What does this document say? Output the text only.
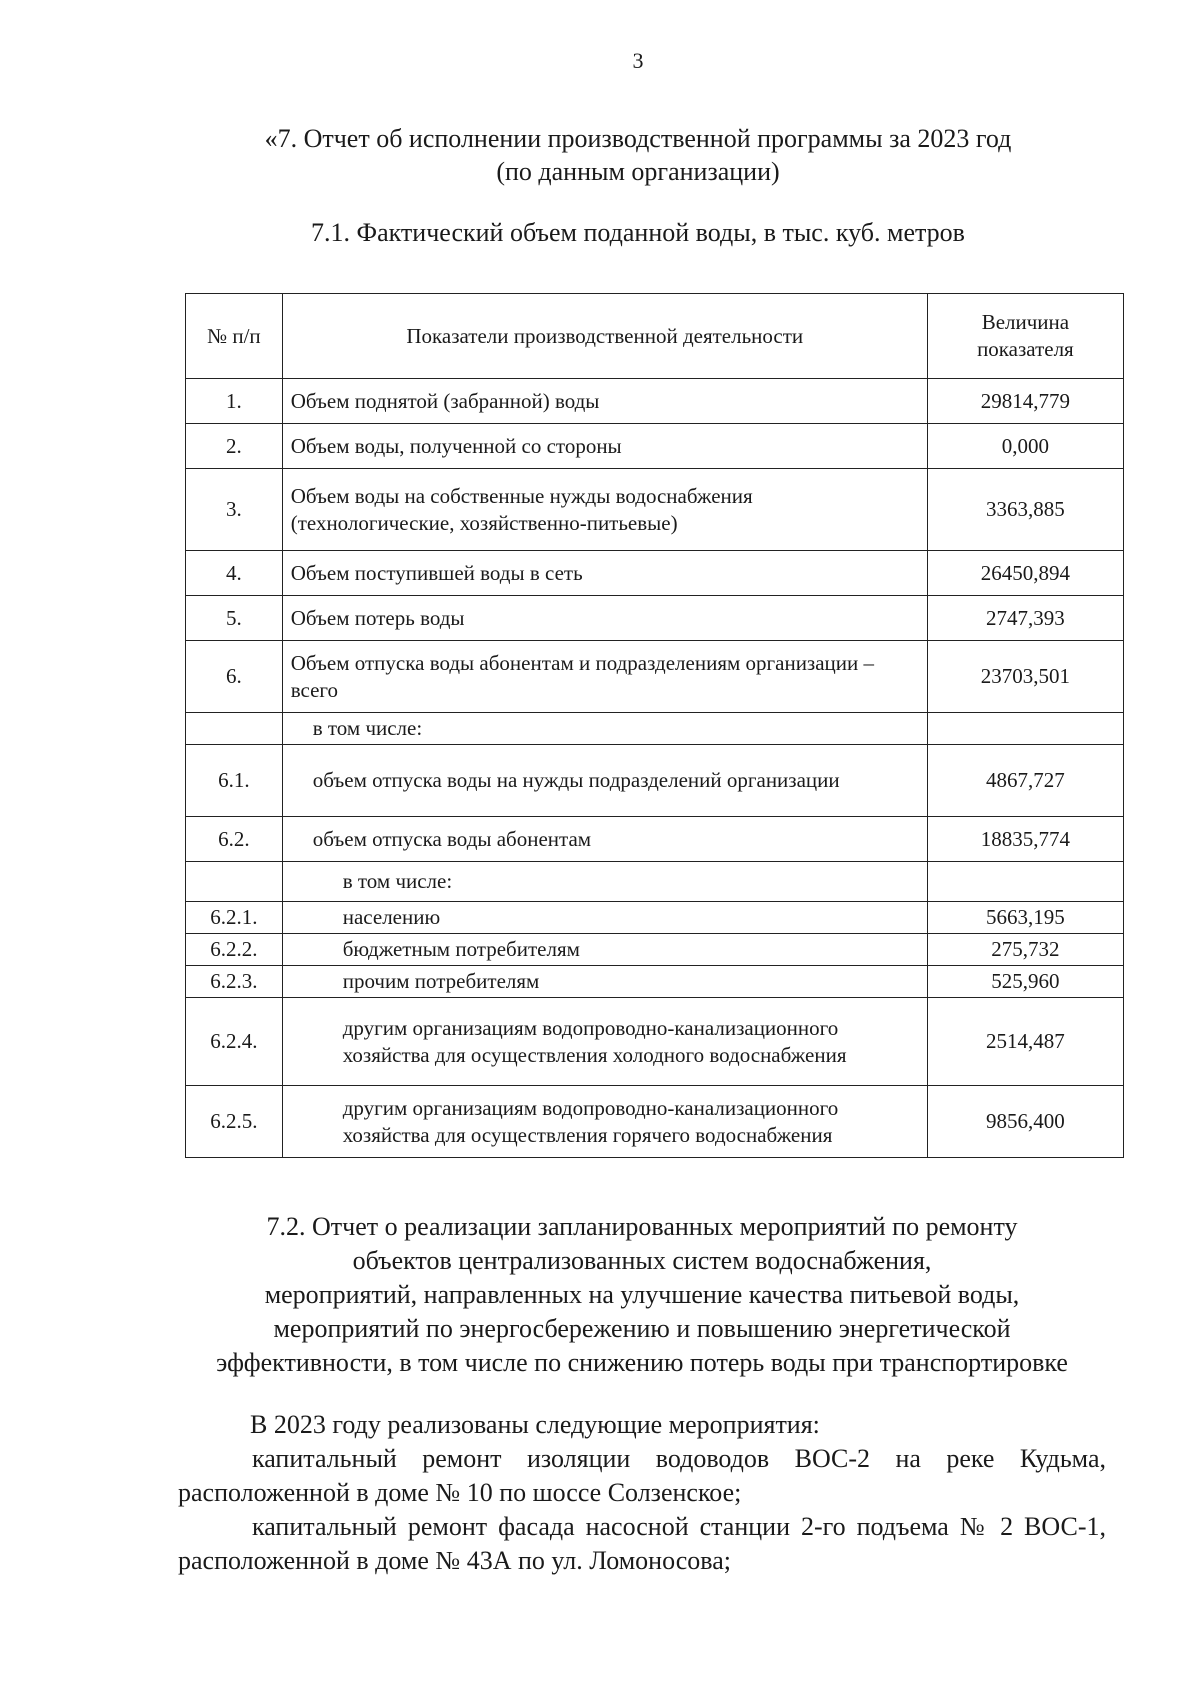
3
«7. Отчет об исполнении производственной программы за 2023 год
(по данным организации)
7.1. Фактический объем поданной воды, в тыс. куб. метров
№ п/п	Показатели производственной деятельности	Величина
показателя
1.	Объем поднятой (забранной) воды	29814,779
2.	Объем воды, полученной со стороны	0,000
3.	Объем воды на собственные нужды водоснабжения (технологические, хозяйственно-питьевые)	3363,885
4.	Объем поступившей воды в сеть	26450,894
5.	Объем потерь воды	2747,393
6.	Объем отпуска воды абонентам и подразделениям организации – всего	23703,501
	в том числе:	
6.1.	объем отпуска воды на нужды подразделений организации	4867,727
6.2.	объем отпуска воды абонентам	18835,774
	в том числе:	
6.2.1.	населению	5663,195
6.2.2.	бюджетным потребителям	275,732
6.2.3.	прочим потребителям	525,960
6.2.4.	другим организациям водопроводно-канализационного хозяйства для осуществления холодного водоснабжения	2514,487
6.2.5.	другим организациям водопроводно-канализационного хозяйства для осуществления горячего водоснабжения	9856,400
7.2. Отчет о реализации запланированных мероприятий по ремонту
объектов централизованных систем водоснабжения,
мероприятий, направленных на улучшение качества питьевой воды,
мероприятий по энергосбережению и повышению энергетической
эффективности, в том числе по снижению потерь воды при транспортировке

В 2023 году реализованы следующие мероприятия:

капитальный ремонт изоляции водоводов ВОС-2 на реке Кудьма, расположенной в доме № 10 по шоссе Солзенское;

капитальный ремонт фасада насосной станции 2-го подъема № 2 ВОС-1, расположенной в доме № 43А по ул. Ломоносова;
